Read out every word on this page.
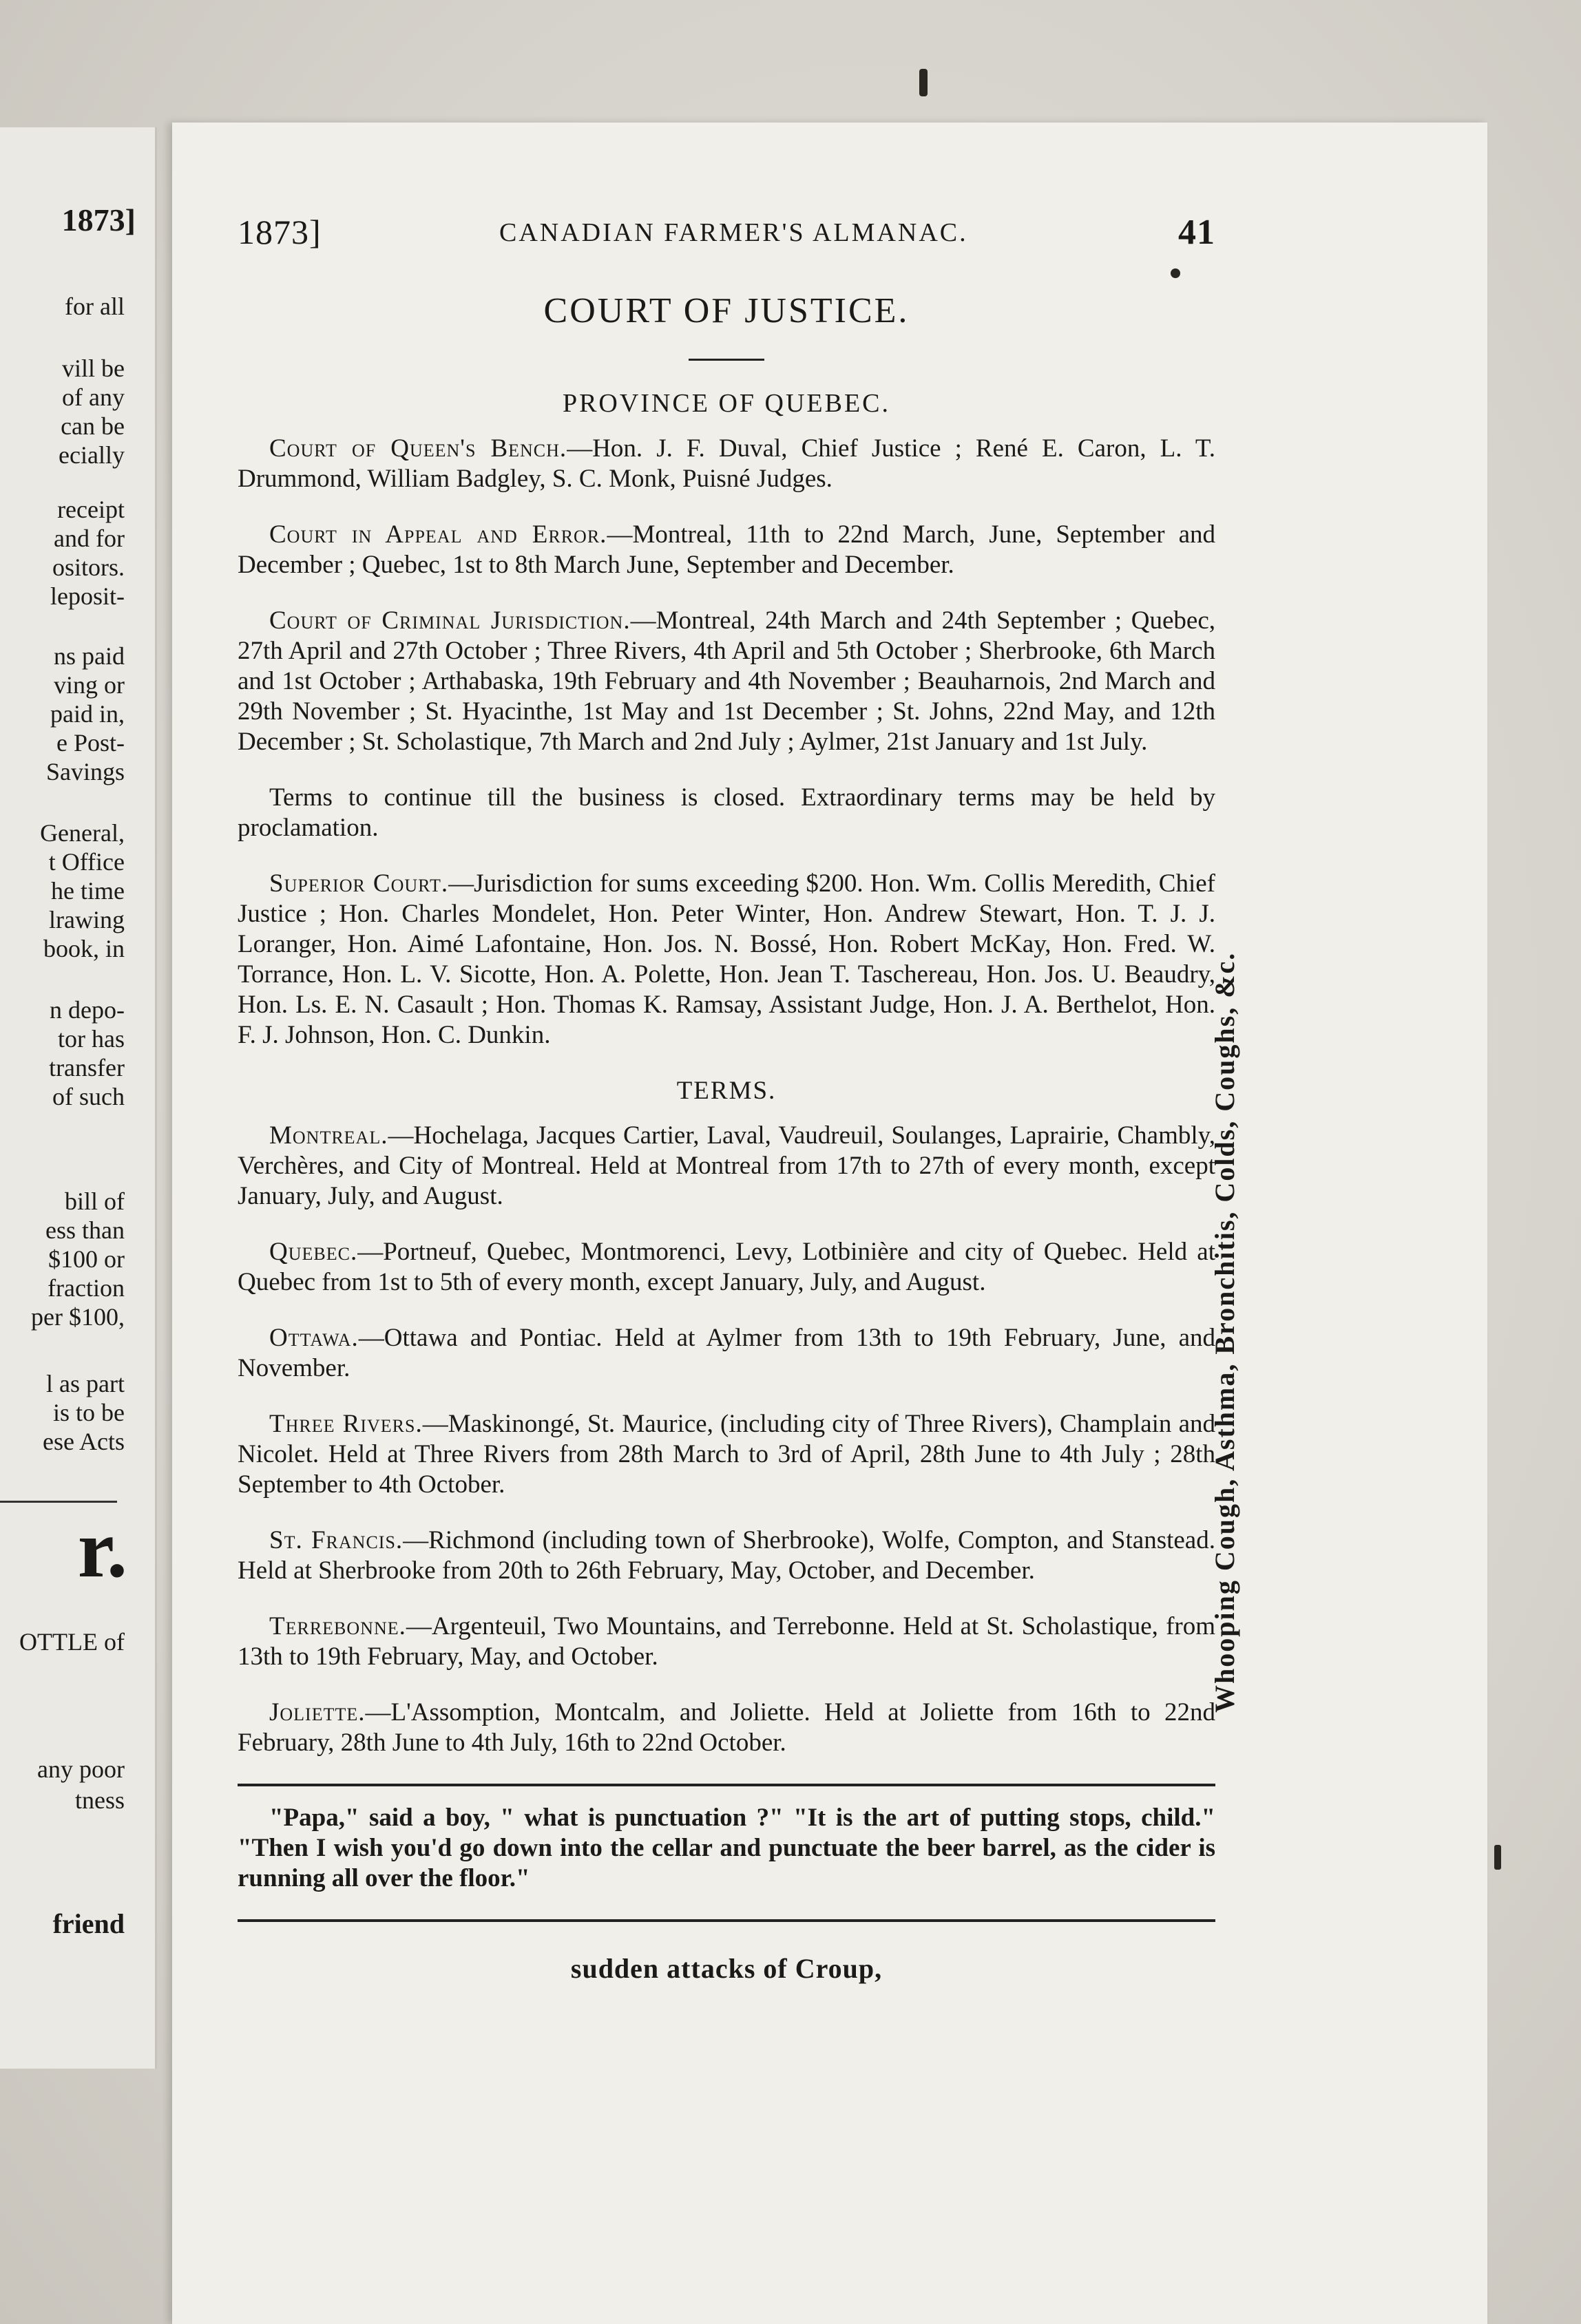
1873]
for all
vill be
of any
can be
ecially
receipt
and for
ositors.
leposit-
ns paid
ving or
paid in,
e Post-
Savings
General,
t Office
he time
lrawing
book, in
n depo-
tor has
transfer
of such
bill of
ess than
$100 or
fraction
per $100,
l as part
is to be
ese Acts
r.
OTTLE of
any poor
tness
friend
1873]	CANADIAN FARMER'S ALMANAC.	41
COURT OF JUSTICE.
PROVINCE OF QUEBEC.

Court of Queen's Bench.—Hon. J. F. Duval, Chief Justice ; René E. Caron, L. T. Drummond, William Badgley, S. C. Monk, Puisné Judges.

Court in Appeal and Error.—Montreal, 11th to 22nd March, June, September and December ; Quebec, 1st to 8th March June, September and December.

Court of Criminal Jurisdiction.—Montreal, 24th March and 24th September ; Quebec, 27th April and 27th October ; Three Rivers, 4th April and 5th October ; Sherbrooke, 6th March and 1st October ; Arthabaska, 19th February and 4th November ; Beauharnois, 2nd March and 29th November ; St. Hyacinthe, 1st May and 1st December ; St. Johns, 22nd May, and 12th December ; St. Scholastique, 7th March and 2nd July ; Aylmer, 21st January and 1st July.

Terms to continue till the business is closed. Extraordinary terms may be held by proclamation.

Superior Court.—Jurisdiction for sums exceeding $200. Hon. Wm. Collis Meredith, Chief Justice ; Hon. Charles Mondelet, Hon. Peter Winter, Hon. Andrew Stewart, Hon. T. J. J. Loranger, Hon. Aimé Lafontaine, Hon. Jos. N. Bossé, Hon. Robert McKay, Hon. Fred. W. Torrance, Hon. L. V. Sicotte, Hon. A. Polette, Hon. Jean T. Taschereau, Hon. Jos. U. Beaudry, Hon. Ls. E. N. Casault ; Hon. Thomas K. Ramsay, Assistant Judge, Hon. J. A. Berthelot, Hon. F. J. Johnson, Hon. C. Dunkin.

TERMS.

Montreal.—Hochelaga, Jacques Cartier, Laval, Vaudreuil, Soulanges, Laprairie, Chambly, Verchères, and City of Montreal. Held at Montreal from 17th to 27th of every month, except January, July, and August.

Quebec.—Portneuf, Quebec, Montmorenci, Levy, Lotbinière and city of Quebec. Held at Quebec from 1st to 5th of every month, except January, July, and August.

Ottawa.—Ottawa and Pontiac. Held at Aylmer from 13th to 19th February, June, and November.

Three Rivers.—Maskinongé, St. Maurice, (including city of Three Rivers), Champlain and Nicolet. Held at Three Rivers from 28th March to 3rd of April, 28th June to 4th July ; 28th September to 4th October.

St. Francis.—Richmond (including town of Sherbrooke), Wolfe, Compton, and Stanstead. Held at Sherbrooke from 20th to 26th February, May, October, and December.

Terrebonne.—Argenteuil, Two Mountains, and Terrebonne. Held at St. Scholastique, from 13th to 19th February, May, and October.

Joliette.—L'Assomption, Montcalm, and Joliette. Held at Joliette from 16th to 22nd February, 28th June to 4th July, 16th to 22nd October.

"Papa," said a boy, " what is punctuation ?" "It is the art of putting stops, child." "Then I wish you'd go down into the cellar and punctuate the beer barrel, as the cider is running all over the floor."

sudden attacks of Croup,
Whooping Cough, Asthma, Bronchitis, Colds, Coughs, &c.
